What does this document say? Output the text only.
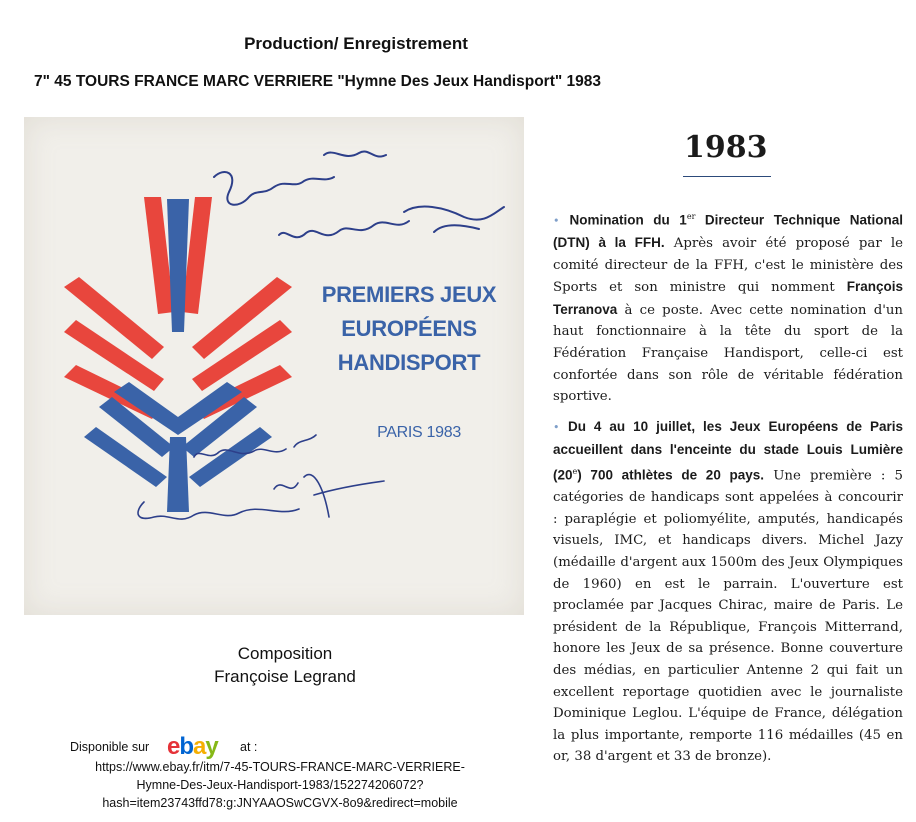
Production/ Enregistrement
7" 45 TOURS FRANCE MARC VERRIERE "Hymne Des Jeux Handisport" 1983
PREMIERS JEUX
EUROPÉENS
HANDISPORT
PARIS 1983
Composition
Françoise Legrand
Disponible sur ebay at :
https://www.ebay.fr/itm/7-45-TOURS-FRANCE-MARC-VERRIERE-
Hymne-Des-Jeux-Handisport-1983/152274206072?
hash=item23743ffd78:g:JNYAAOSwCGVX-8o9&redirect=mobile
1983
• Nomination du 1er Directeur Technique National (DTN) à la FFH. Après avoir été proposé par le comité directeur de la FFH, c'est le ministère des Sports et son ministre qui nomment François Terranova à ce poste. Avec cette nomination d'un haut fonctionnaire à la tête du sport de la Fédération Française Handisport, celle-ci est confortée dans son rôle de véritable fédération sportive.
• Du 4 au 10 juillet, les Jeux Européens de Paris accueillent dans l'enceinte du stade Louis Lumière (20e) 700 athlètes de 20 pays. Une première : 5 catégories de handicaps sont appelées à concourir : paraplégie et poliomyélite, amputés, handicapés visuels, IMC, et handicaps divers. Michel Jazy (médaille d'argent aux 1500m des Jeux Olympiques de 1960) en est le parrain. L'ouverture est proclamée par Jacques Chirac, maire de Paris. Le président de la République, François Mitterrand, honore les Jeux de sa présence. Bonne couverture des médias, en particulier Antenne 2 qui fait un excellent reportage quotidien avec le journaliste Dominique Leglou. L'équipe de France, délégation la plus importante, remporte 116 médailles (45 en or, 38 d'argent et 33 de bronze).
